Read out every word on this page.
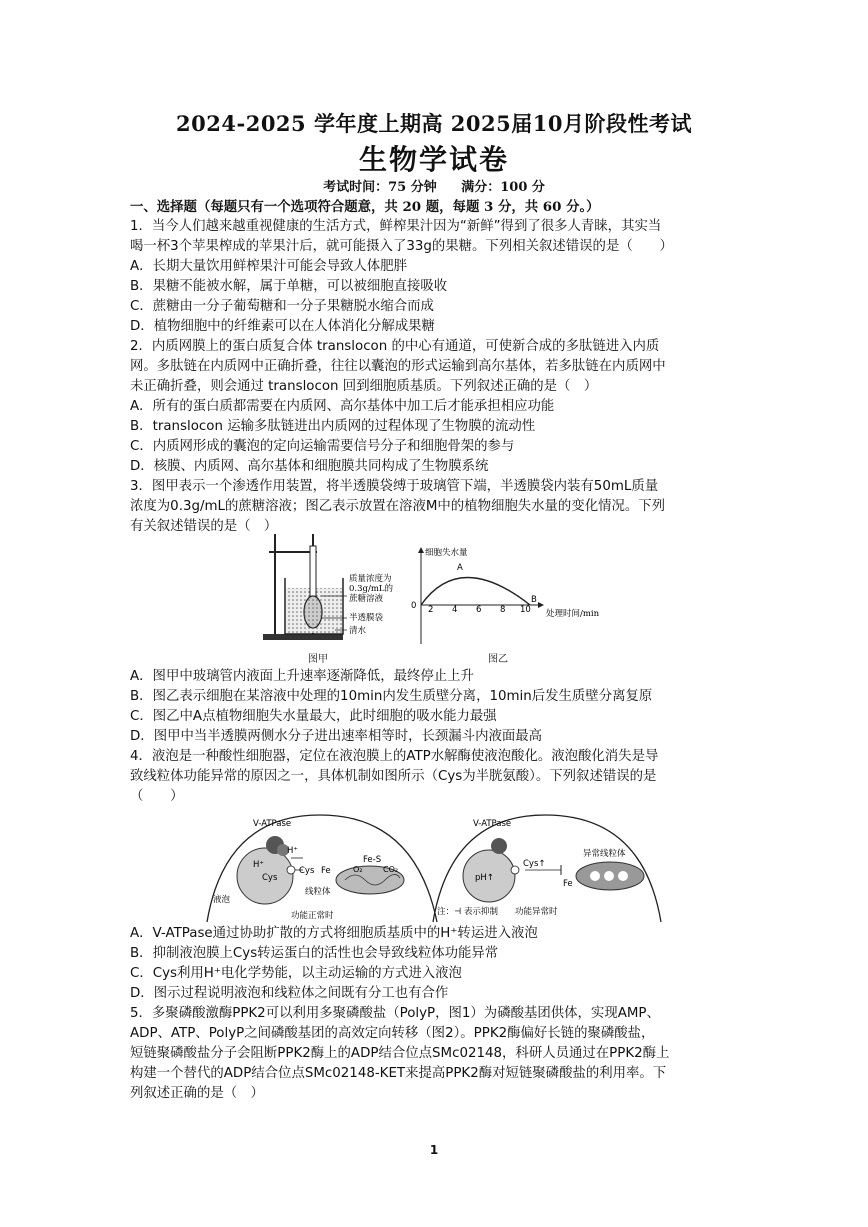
2024-2025 学年度上期高 2025届10月阶段性考试
生物学试卷
考试时间：75 分钟 满分：100 分
一、选择题（每题只有一个选项符合题意，共 20 题，每题 3 分，共 60 分。）
1．当今人们越来越重视健康的生活方式，鲜榨果汁因为“新鲜”得到了很多人青睐，其实当
喝一杯3个苹果榨成的苹果汁后，就可能摄入了33g的果糖。下列相关叙述错误的是（　　）
A．长期大量饮用鲜榨果汁可能会导致人体肥胖
B．果糖不能被水解，属于单糖，可以被细胞直接吸收
C．蔗糖由一分子葡萄糖和一分子果糖脱水缩合而成
D．植物细胞中的纤维素可以在人体消化分解成果糖
2．内质网膜上的蛋白质复合体 translocon 的中心有通道，可使新合成的多肽链进入内质
网。多肽链在内质网中正确折叠，往往以囊泡的形式运输到高尔基体，若多肽链在内质网中
未正确折叠，则会通过 translocon 回到细胞质基质。下列叙述正确的是（　）
A．所有的蛋白质都需要在内质网、高尔基体中加工后才能承担相应功能
B．translocon 运输多肽链进出内质网的过程体现了生物膜的流动性
C．内质网形成的囊泡的定向运输需要信号分子和细胞骨架的参与
D．核膜、内质网、高尔基体和细胞膜共同构成了生物膜系统
3．图甲表示一个渗透作用装置，将半透膜袋缚于玻璃管下端，半透膜袋内装有50mL质量
浓度为0.3g/mL的蔗糖溶液；图乙表示放置在溶液M中的植物细胞失水量的变化情况。下列
有关叙述错误的是（　）
质量浓度为
0.3g/mL的
蔗糖溶液
半透膜袋
清水
图甲
细胞失水量
处理时间/min
0 2 4 6 8 10
A
B
图乙
A．图甲中玻璃管内液面上升速率逐渐降低，最终停止上升
B．图乙表示细胞在某溶液中处理的10min内发生质壁分离，10min后发生质壁分离复原
C．图乙中A点植物细胞失水量最大，此时细胞的吸水能力最强
D．图甲中当半透膜两侧水分子进出速率相等时，长颈漏斗内液面最高
4．液泡是一种酸性细胞器，定位在液泡膜上的ATP水解酶使液泡酸化。液泡酸化消失是导
致线粒体功能异常的原因之一，具体机制如图所示（Cys为半胱氨酸）。下列叙述错误的是
（　　）
V-ATPase
H⁺
H⁺
Cys
Cys Fe
Fe-S
O₂	CO₂
液泡
线粒体
功能正常时
V-ATPase
pH↑
Cys↑
Fe
异常线粒体
注：⊣ 表示抑制 功能异常时
A．V-ATPase通过协助扩散的方式将细胞质基质中的H⁺转运进入液泡
B．抑制液泡膜上Cys转运蛋白的活性也会导致线粒体功能异常
C．Cys利用H⁺电化学势能，以主动运输的方式进入液泡
D．图示过程说明液泡和线粒体之间既有分工也有合作
5．多聚磷酸激酶PPK2可以利用多聚磷酸盐（PolyP，图1）为磷酸基团供体，实现AMP、
ADP、ATP、PolyP之间磷酸基团的高效定向转移（图2）。PPK2酶偏好长链的聚磷酸盐，
短链聚磷酸盐分子会阻断PPK2酶上的ADP结合位点SMc02148，科研人员通过在PPK2酶上
构建一个替代的ADP结合位点SMc02148-KET来提高PPK2酶对短链聚磷酸盐的利用率。下
列叙述正确的是（　）
1
